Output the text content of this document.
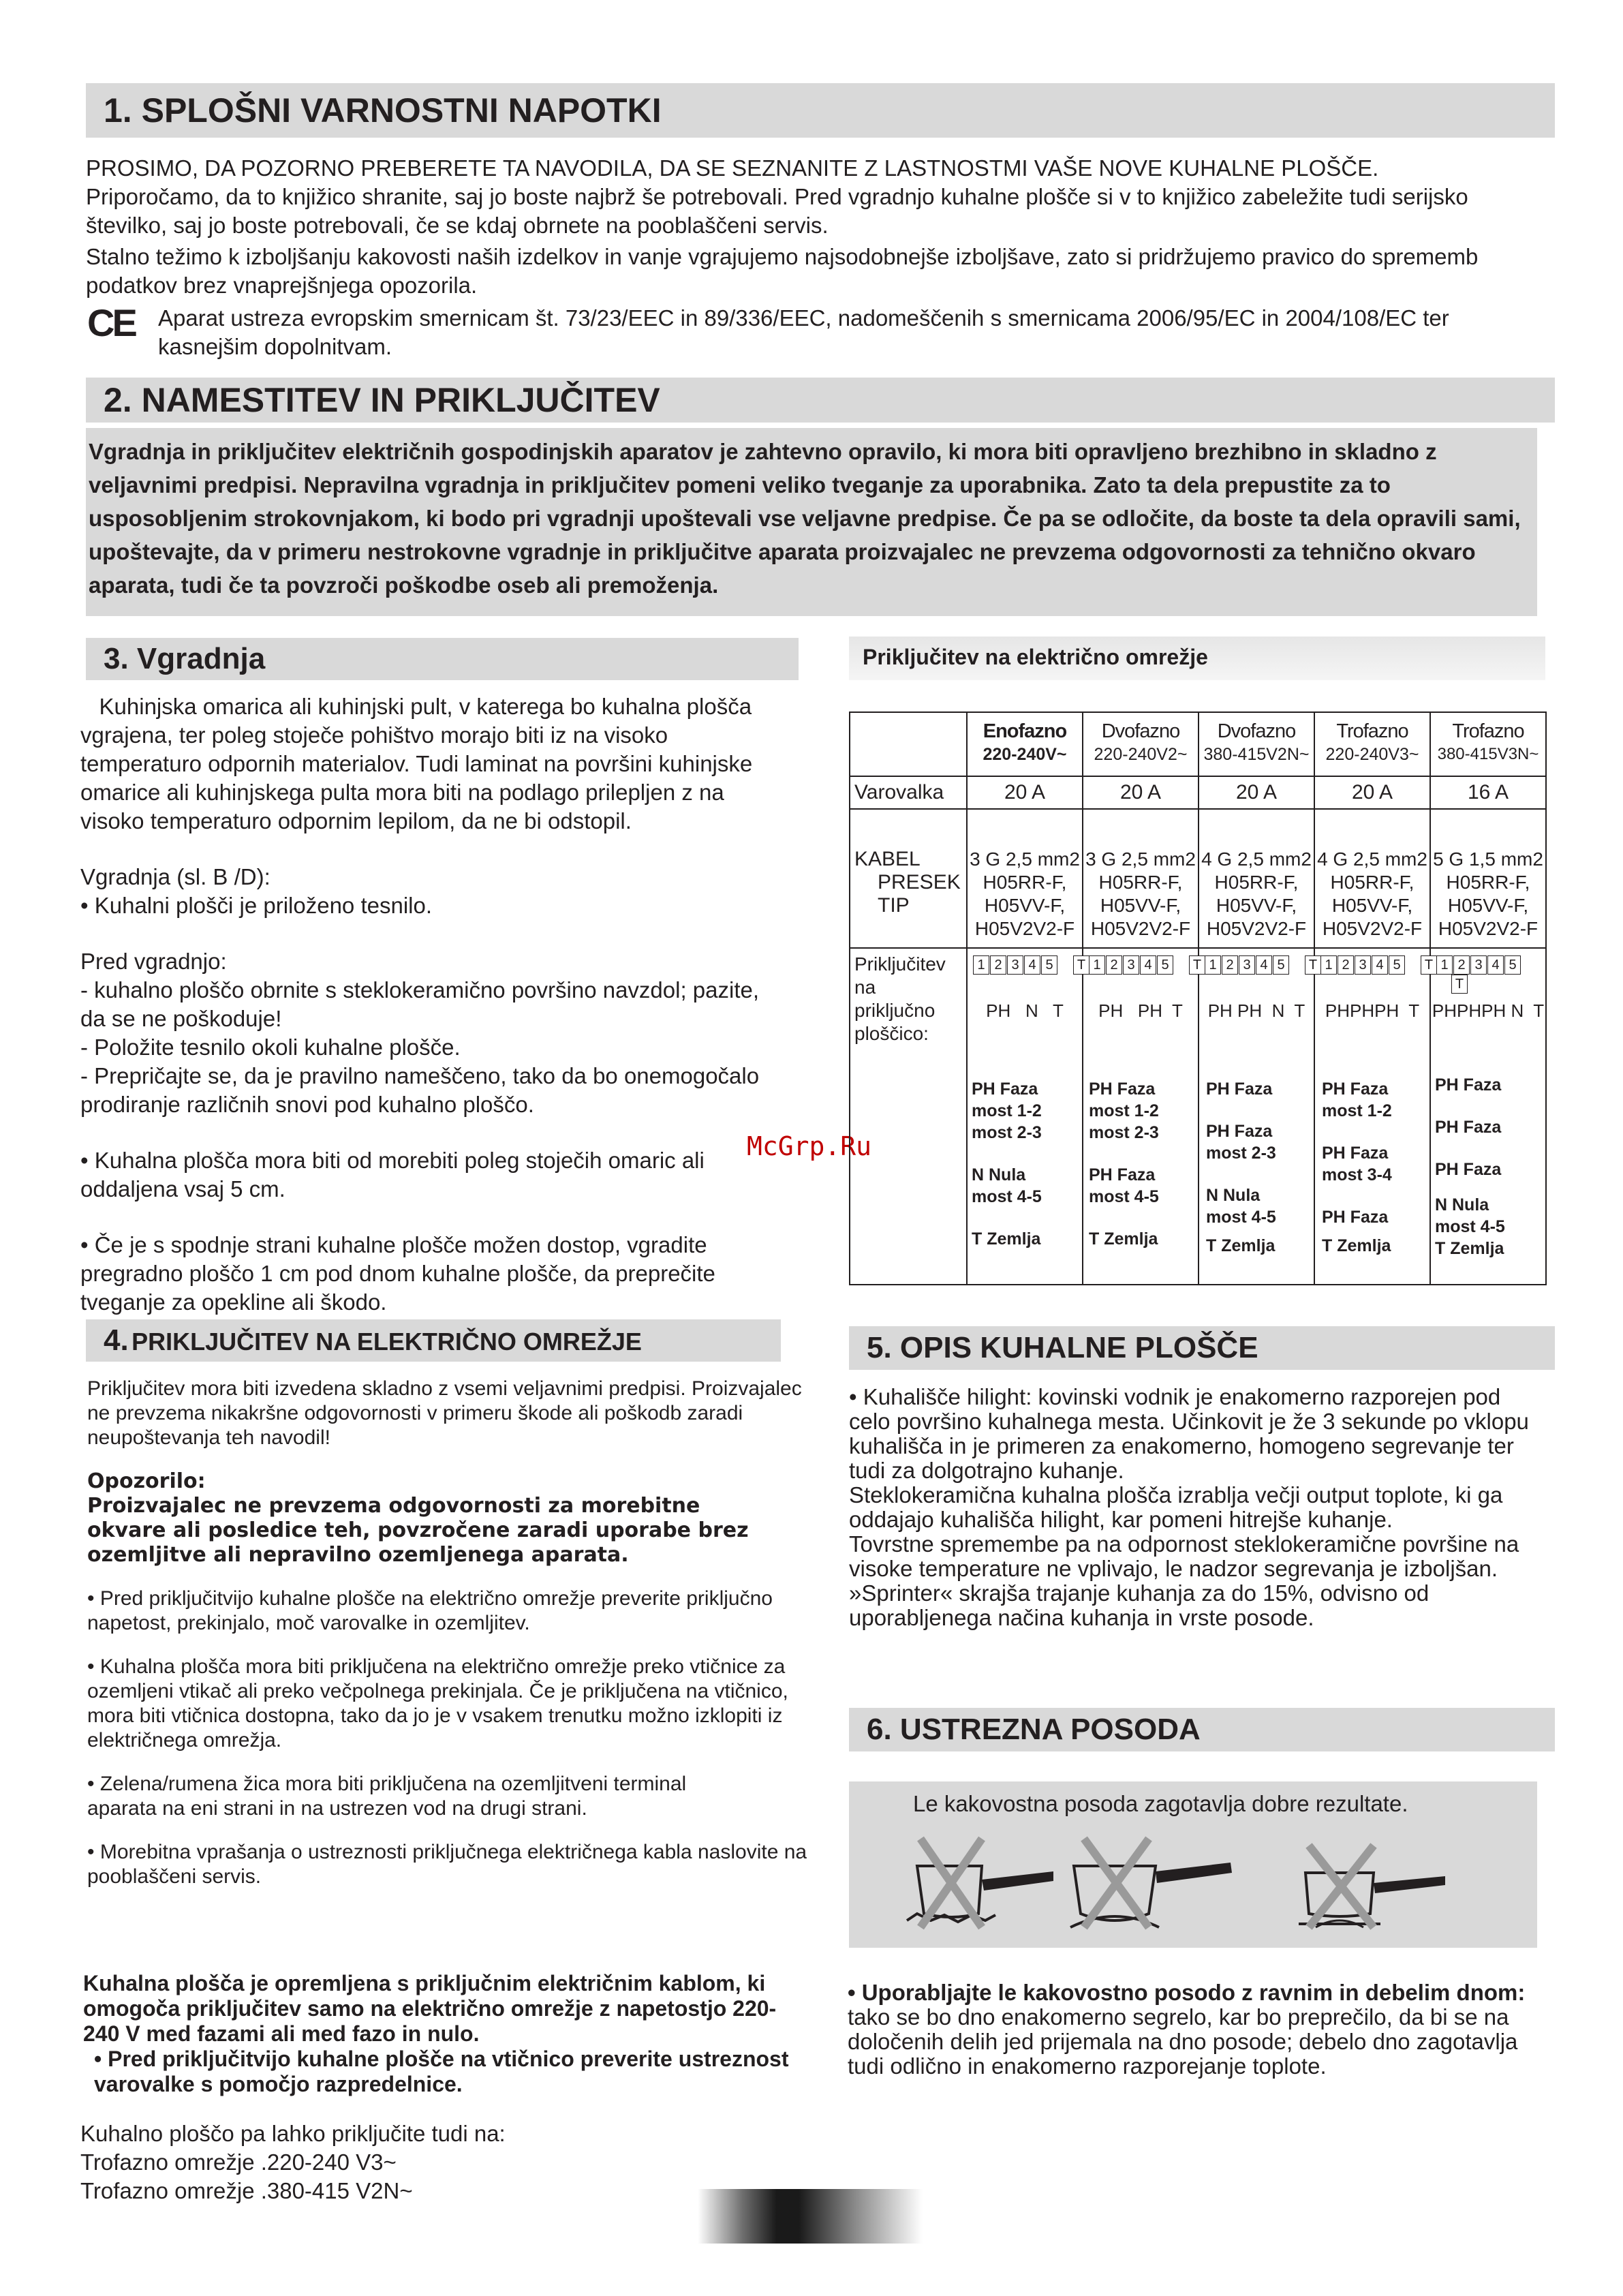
1. SPLOŠNI VARNOSTNI NAPOTKI

PROSIMO, DA POZORNO PREBERETE TA NAVODILA, DA SE SEZNANITE Z LASTNOSTMI VAŠE NOVE KUHALNE PLOŠČE.

Priporočamo, da to knjižico shranite, saj jo boste najbrž še potrebovali. Pred vgradnjo kuhalne plošče si v to knjižico zabeležite tudi serijsko številko, saj jo boste potrebovali, če se kdaj obrnete na pooblaščeni servis.

Stalno težimo k izboljšanju kakovosti naših izdelkov in vanje vgrajujemo najsodobnejše izboljšave, zato si pridržujemo pravico do sprememb podatkov brez vnaprejšnjega opozorila.

CE	Aparat ustreza evropskim smernicam št. 73/23/EEC in 89/336/EEC, nadomeščenih s smernicama 2006/95/EC in 2004/108/EC ter kasnejšim dopolnitvam.

2. NAMESTITEV IN PRIKLJUČITEV

Vgradnja in priključitev električnih gospodinjskih aparatov je zahtevno opravilo, ki mora biti opravljeno brezhibno in skladno z veljavnimi predpisi. Nepravilna vgradnja in priključitev pomeni veliko tveganje za uporabnika. Zato ta dela prepustite za to usposobljenim strokovnjakom, ki bodo pri vgradnji upoštevali vse veljavne predpise. Če pa se odločite, da boste ta dela opravili sami, upoštevajte, da v primeru nestrokovne vgradnje in priključitve aparata proizvajalec ne prevzema odgovornosti za tehnično okvaro aparata, tudi če ta povzroči poškodbe oseb ali premoženja.

3. Vgradnja

Kuhinjska omarica ali kuhinjski pult, v katerega bo kuhalna plošča vgrajena, ter poleg stoječe pohištvo morajo biti iz na visoko temperaturo odpornih materialov. Tudi laminat na površini kuhinjske omarice ali kuhinjskega pulta mora biti na podlago prilepljen z na visoko temperaturo odpornim lepilom, da ne bi odstopil.

Vgradnja (sl. B /D):

• Kuhalni plošči je priloženo tesnilo.

Pred vgradnjo:

- kuhalno ploščo obrnite s steklokeramično površino navzdol; pazite, da se ne poškoduje!

- Položite tesnilo okoli kuhalne plošče.

- Prepričajte se, da je pravilno nameščeno, tako da bo onemogočalo prodiranje različnih snovi pod kuhalno ploščo.

• Kuhalna plošča mora biti od morebiti poleg stoječih omaric ali oddaljena vsaj 5 cm.

• Če je s spodnje strani kuhalne plošče možen dostop, vgradite pregradno ploščo 1 cm pod dnom kuhalne plošče, da preprečite tveganje za opekline ali škodo.

McGrp.Ru
4. PRIKLJUČITEV NA ELEKTRIČNO OMREŽJE

Priključitev mora biti izvedena skladno z vsemi veljavnimi predpisi. Proizvajalec ne prevzema nikakršne odgovornosti v primeru škode ali poškodb zaradi neupoštevanja teh navodil!

Opozorilo:

Proizvajalec ne prevzema odgovornosti za morebitne okvare ali posledice teh, povzročene zaradi uporabe brez ozemljitve ali nepravilno ozemljenega aparata.

• Pred priključitvijo kuhalne plošče na električno omrežje preverite priključno napetost, prekinjalo, moč varovalke in ozemljitev.

• Kuhalna plošča mora biti priključena na električno omrežje preko vtičnice za ozemljeni vtikač ali preko večpolnega prekinjala. Če je priključena na vtičnico, mora biti vtičnica dostopna, tako da jo je v vsakem trenutku možno izklopiti iz električnega omrežja.

• Zelena/rumena žica mora biti priključena na ozemljitveni terminal aparata na eni strani in na ustrezen vod na drugi strani.

• Morebitna vprašanja o ustreznosti priključnega električnega kabla naslovite na pooblaščeni servis.

Kuhalna plošča je opremljena s priključnim električnim kablom, ki omogoča priključitev samo na električno omrežje z napetostjo 220-240 V med fazami ali med fazo in nulo.

• Pred priključitvijo kuhalne plošče na vtičnico preverite ustreznost varovalke s pomočjo razpredelnice.

Kuhalno ploščo pa lahko priključite tudi na:

Trofazno omrežje .220-240 V3~

Trofazno omrežje .380-415 V2N~

Priključitev na električno omrežje
Varovalka
KABEL
PRESEK
TIP
Priključitev
na
priključno
ploščico:
Enofazno
220-240V~
20 A
3 G 2,5 mm2
H05RR-F,
H05VV-F,
H05V2V2-F
1 2 3 4 5 T
PH   N   T
PH Faza
most 1-2
most 2-3
N Nula
most 4-5
T Zemlja
Dvofazno
220-240V2~
20 A
3 G 2,5 mm2
H05RR-F,
H05VV-F,
H05V2V2-F
1 2 3 4 5 T
PH   PH  T
PH Faza
most 1-2
most 2-3
PH Faza
most 4-5
T Zemlja
Dvofazno
380-415V2N~
20 A
4 G 2,5 mm2
H05RR-F,
H05VV-F,
H05V2V2-F
1 2 3 4 5 T
PH PH  N  T
PH Faza
PH Faza
most 2-3
N Nula
most 4-5
T Zemlja
Trofazno
220-240V3~
20 A
4 G 2,5 mm2
H05RR-F,
H05VV-F,
H05V2V2-F
1 2 3 4 5 T
PHPHPH  T
PH Faza
most 1-2
PH Faza
most 3-4
PH Faza
T Zemlja
Trofazno
380-415V3N~
16 A
5 G 1,5 mm2
H05RR-F,
H05VV-F,
H05V2V2-F
1 2 3 4 5T
PHPHPH N  T
PH Faza
PH Faza
PH Faza
N Nula
most 4-5
T Zemlja
5. OPIS KUHALNE PLOŠČE

• Kuhališče hilight: kovinski vodnik je enakomerno razporejen pod celo površino kuhalnega mesta. Učinkovit je že 3 sekunde po vklopu kuhališča in je primeren za enakomerno, homogeno segrevanje ter tudi za dolgotrajno kuhanje.

Steklokeramična kuhalna plošča izrablja večji output toplote, ki ga oddajajo kuhališča hilight, kar pomeni hitrejše kuhanje.

Tovrstne spremembe pa na odpornost steklokeramične površine na visoke temperature ne vplivajo, le nadzor segrevanja je izboljšan.

»Sprinter« skrajša trajanje kuhanja za do 15%, odvisno od uporabljenega načina kuhanja in vrste posode.

6. USTREZNA POSODA
Le kakovostna posoda zagotavlja dobre rezultate.

• Uporabljajte le kakovostno posodo z ravnim in debelim dnom: tako se bo dno enakomerno segrelo, kar bo preprečilo, da bi se na določenih delih jed prijemala na dno posode; debelo dno zagotavlja tudi odlično in enakomerno razporejanje toplote.
